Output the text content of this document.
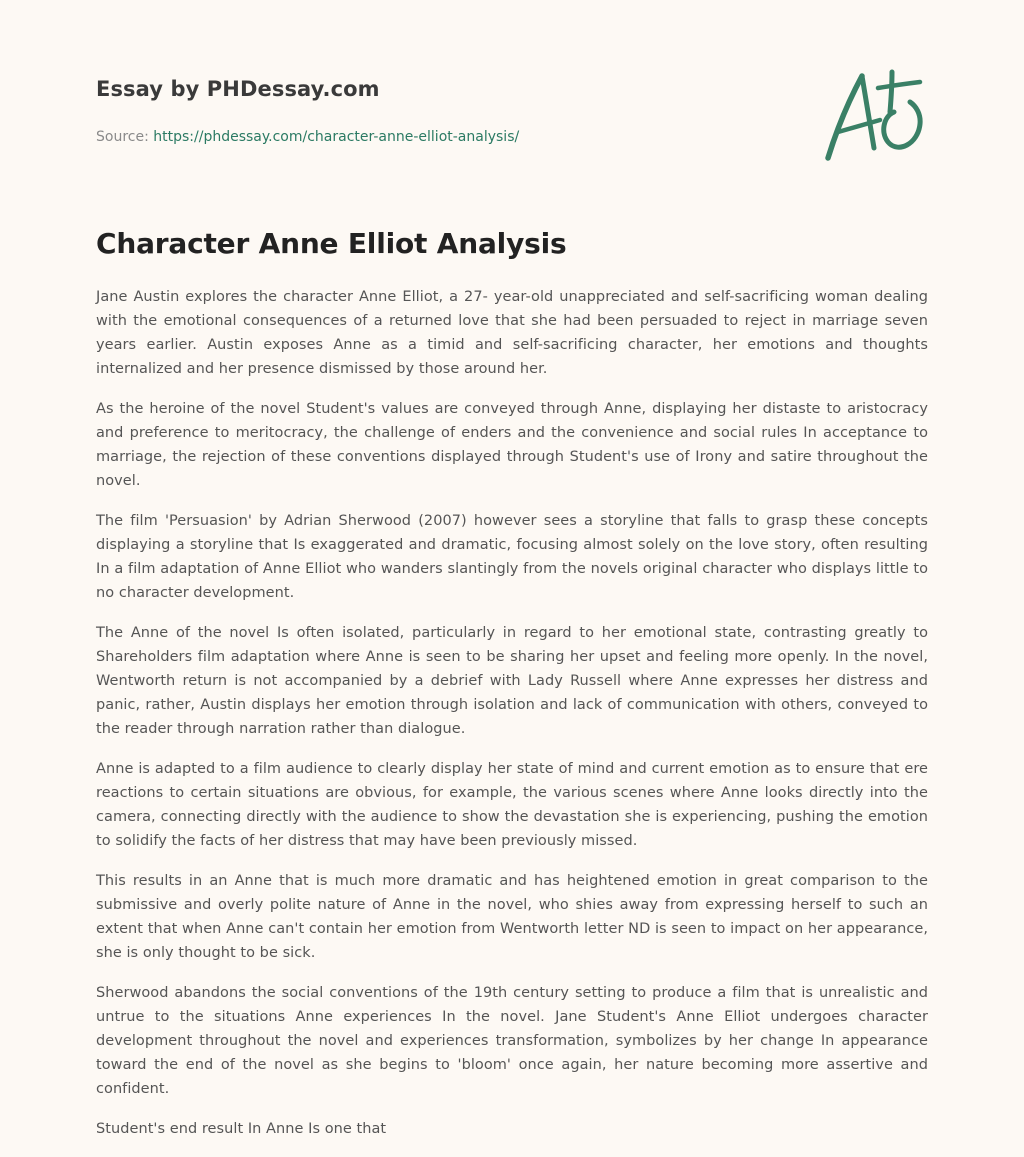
Essay by PHDessay.com
Source: https://phdessay.com/character-anne-elliot-analysis/
Character Anne Elliot Analysis

Jane Austin explores the character Anne Elliot, a 27- year-old unappreciated and self-sacrificing woman dealing with the emotional consequences of a returned love that she had been persuaded to reject in marriage seven years earlier. Austin exposes Anne as a timid and self-sacrificing character, her emotions and thoughts internalized and her presence dismissed by those around her.

As the heroine of the novel Student's values are conveyed through Anne, displaying her distaste to aristocracy and preference to meritocracy, the challenge of enders and the convenience and social rules In acceptance to marriage, the rejection of these conventions displayed through Student's use of Irony and satire throughout the novel.

The film 'Persuasion' by Adrian Sherwood (2007) however sees a storyline that falls to grasp these concepts displaying a storyline that Is exaggerated and dramatic, focusing almost solely on the love story, often resulting In a film adaptation of Anne Elliot who wanders slantingly from the novels original character who displays little to no character development.

The Anne of the novel Is often isolated, particularly in regard to her emotional state, contrasting greatly to Shareholders film adaptation where Anne is seen to be sharing her upset and feeling more openly. In the novel, Wentworth return is not accompanied by a debrief with Lady Russell where Anne expresses her distress and panic, rather, Austin displays her emotion through isolation and lack of communication with others, conveyed to the reader through narration rather than dialogue.

Anne is adapted to a film audience to clearly display her state of mind and current emotion as to ensure that ere reactions to certain situations are obvious, for example, the various scenes where Anne looks directly into the camera, connecting directly with the audience to show the devastation she is experiencing, pushing the emotion to solidify the facts of her distress that may have been previously missed.

This results in an Anne that is much more dramatic and has heightened emotion in great comparison to the submissive and overly polite nature of Anne in the novel, who shies away from expressing herself to such an extent that when Anne can't contain her emotion from Wentworth letter ND is seen to impact on her appearance, she is only thought to be sick.

Sherwood abandons the social conventions of the 19th century setting to produce a film that is unrealistic and untrue to the situations Anne experiences In the novel. Jane Student's Anne Elliot undergoes character development throughout the novel and experiences transformation, symbolizes by her change In appearance toward the end of the novel as she begins to 'bloom' once again, her nature becoming more assertive and confident.

Student's end result In Anne Is one that
